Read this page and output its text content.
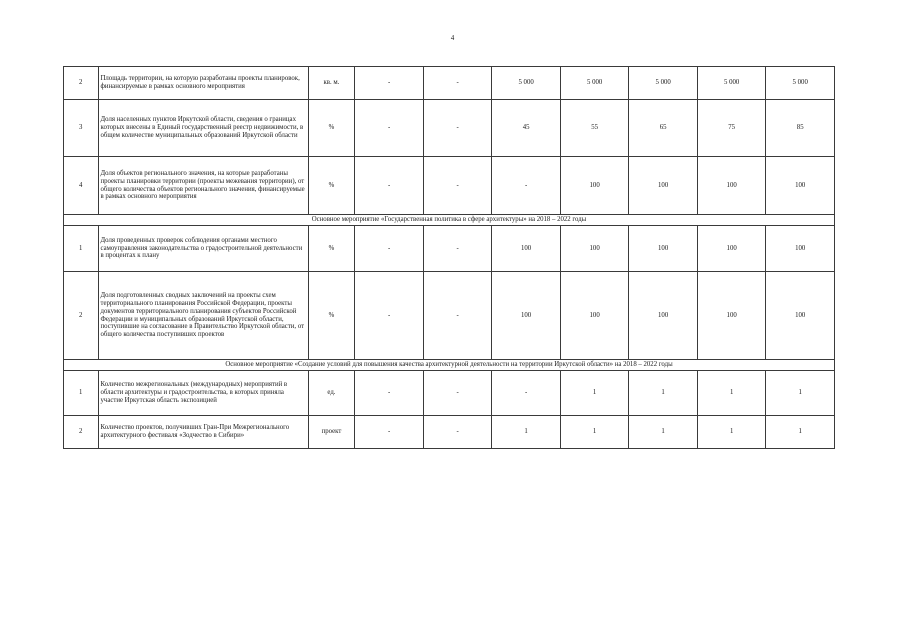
4
2	Площадь территории, на которую разработаны проекты планировок, финансируемые в рамках основного мероприятия	кв. м.	-	-	5 000	5 000	5 000	5 000	5 000
3	Доля населенных пунктов Иркутской области, сведения о границах которых внесены в Единый государственный реестр недвижимости, в общем количестве муниципальных образований Иркутской области	%	-	-	45	55	65	75	85
4	Доля объектов регионального значения, на которые разработаны проекты планировки территории (проекты межевания территории), от общего количества объектов регионального значения, финансируемые в рамках основного мероприятия	%	-	-	-	100	100	100	100
Основное мероприятие «Государственная политика в сфере архитектуры» на 2018 – 2022 годы									
1	Доля проведенных проверок соблюдения органами местного самоуправления законодательства о градостроительной деятельности в процентах к плану	%	-	-	100	100	100	100	100
2	Доля подготовленных сводных заключений на проекты схем территориального планирования Российской Федерации, проекты документов территориального планирования субъектов Российской Федерации и муниципальных образований Иркутской области, поступившие на согласование в Правительство Иркутской области, от общего количества поступивших проектов	%	-	-	100	100	100	100	100
Основное мероприятие «Создание условий для повышения качества архитектурной деятельности на территории Иркутской области» на 2018 – 2022 годы									
1	Количество межрегиональных (международных) мероприятий в области архитектуры и градостроительства, в которых приняла участие Иркутская область экспозицией	ед.	-	-	-	1	1	1	1
2	Количество проектов, получивших Гран-При Межрегионального архитектурного фестиваля «Зодчество в Сибири»	проект	-	-	1	1	1	1	1
